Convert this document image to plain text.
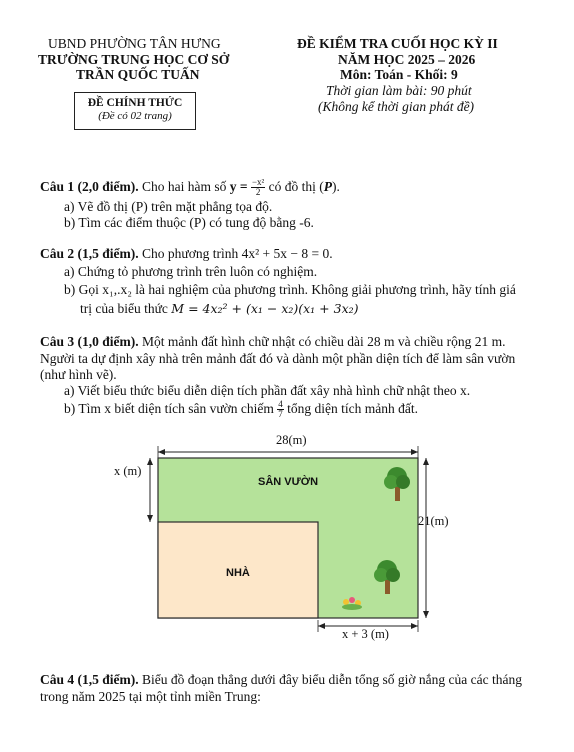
UBND PHƯỜNG TÂN HƯNG
TRƯỜNG TRUNG HỌC CƠ SỞ
TRẦN QUỐC TUẤN
ĐỀ CHÍNH THỨC
(Đề có 02 trang)
ĐỀ KIỂM TRA CUỐI HỌC KỲ II
NĂM HỌC 2025 – 2026
Môn: Toán - Khối: 9
Thời gian làm bài: 90 phút
(Không kể thời gian phát đề)
Câu 1 (2,0 điểm). Cho hai hàm số $y = \frac{\text{−x²}}{2}$ có đồ thị (P).
a) Vẽ đồ thị (P) trên mặt phẳng tọa độ.
b) Tìm các điểm thuộc (P) có tung độ bằng -6.
Câu 2 (1,5 điểm). Cho phương trình 4x² + 5x − 8 = 0.
a) Chứng tỏ phương trình trên luôn có nghiệm.
b) Gọi x₁,.x₂ là hai nghiệm của phương trình. Không giải phương trình, hãy tính giá
trị của biểu thức M = 4x₂² + (x₁ − x₂)(x₁ + 3x₂)
Câu 3 (1,0 điểm). Một mảnh đất hình chữ nhật có chiều dài 28 m và chiều rộng 21 m.
Người ta dự định xây nhà trên mảnh đất đó và dành một phần diện tích để làm sân vườn
(như hình vẽ).
a) Viết biểu thức biểu diễn diện tích phần đất xây nhà hình chữ nhật theo x.
b) Tìm x biết diện tích sân vườn chiếm $\frac{4}{7}$ tổng diện tích mảnh đất.
28(m)
x (m)
21(m)
x + 3 (m)
SÂN VƯỜN
NHÀ
Câu 4 (1,5 điểm). Biểu đồ đoạn thẳng dưới đây biểu diễn tổng số giờ nắng của các tháng
trong năm 2025 tại một tỉnh miền Trung:
